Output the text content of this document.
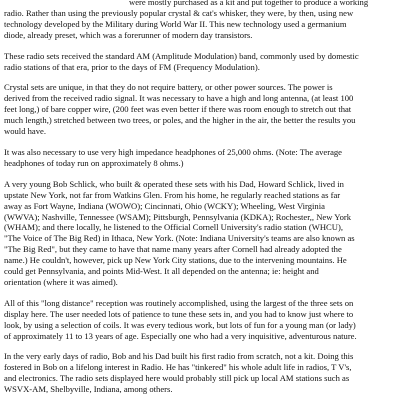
were mostly purchased as a kit and put together to produce a working
radio. Rather than using the previously popular crystal & cat's whisker, they were, by then, using new
technology developed by the Military during World War II. This new technology used a germanium
diode, already preset, which was a forerunner of modern day transistors.

These radio sets received the standard AM (Amplitude Modulation) band, commonly used by domestic
radio stations of that era, prior to the days of FM (Frequency Modulation).

Crystal sets are unique, in that they do not require battery, or other power sources. The power is
derived from the received radio signal. It was necessary to have a high and long antenna, (at least 100
feet long,) of bare copper wire, (200 feet was even better if there was room enough to stretch out that
much length,) stretched between two trees, or poles, and the higher in the air, the better the results you
would have.

It was also necessary to use very high impedance headphones of 25,000 ohms. (Note: The average
headphones of today run on approximately 8 ohms.)

A very young Bob Schlick, who built & operated these sets with his Dad, Howard Schlick, lived in
upstate New York, not far from Watkins Glen. From his home, he regularly reached stations as far
away as Fort Wayne, Indiana (WOWO); Cincinnati, Ohio (WCKY); Wheeling, West Virginia
(WWVA); Nashville, Tennessee (WSAM); Pittsburgh, Pennsylvania (KDKA); Rochester,, New York
(WHAM); and there locally, he listened to the Official Cornell University's radio station (WHCU),
"The Voice of The Big Red) in Ithaca, New York. (Note: Indiana University's teams are also known as
"The Big Red", but they came to have that name many years after Cornell had already adopted the
name.) He couldn't, however, pick up New York City stations, due to the intervening mountains. He
could get Pennsylvania, and points Mid-West. It all depended on the antenna; ie: height and
orientation (where it was aimed).

All of this "long distance" reception was routinely accomplished, using the largest of the three sets on
display here. The user needed lots of patience to tune these sets in, and you had to know just where to
look, by using a selection of coils. It was every tedious work, but lots of fun for a young man (or lady)
of approximately 11 to 13 years of age. Especially one who had a very inquisitive, adventurous nature.

In the very early days of radio, Bob and his Dad built his first radio from scratch, not a kit. Doing this
fostered in Bob on a lifelong interest in Radio. He has "tinkered" his whole adult life in radios, T V's,
and electronics. The radio sets displayed here would probably still pick up local AM stations such as
WSVX-AM, Shelbyville, Indiana, among others.
